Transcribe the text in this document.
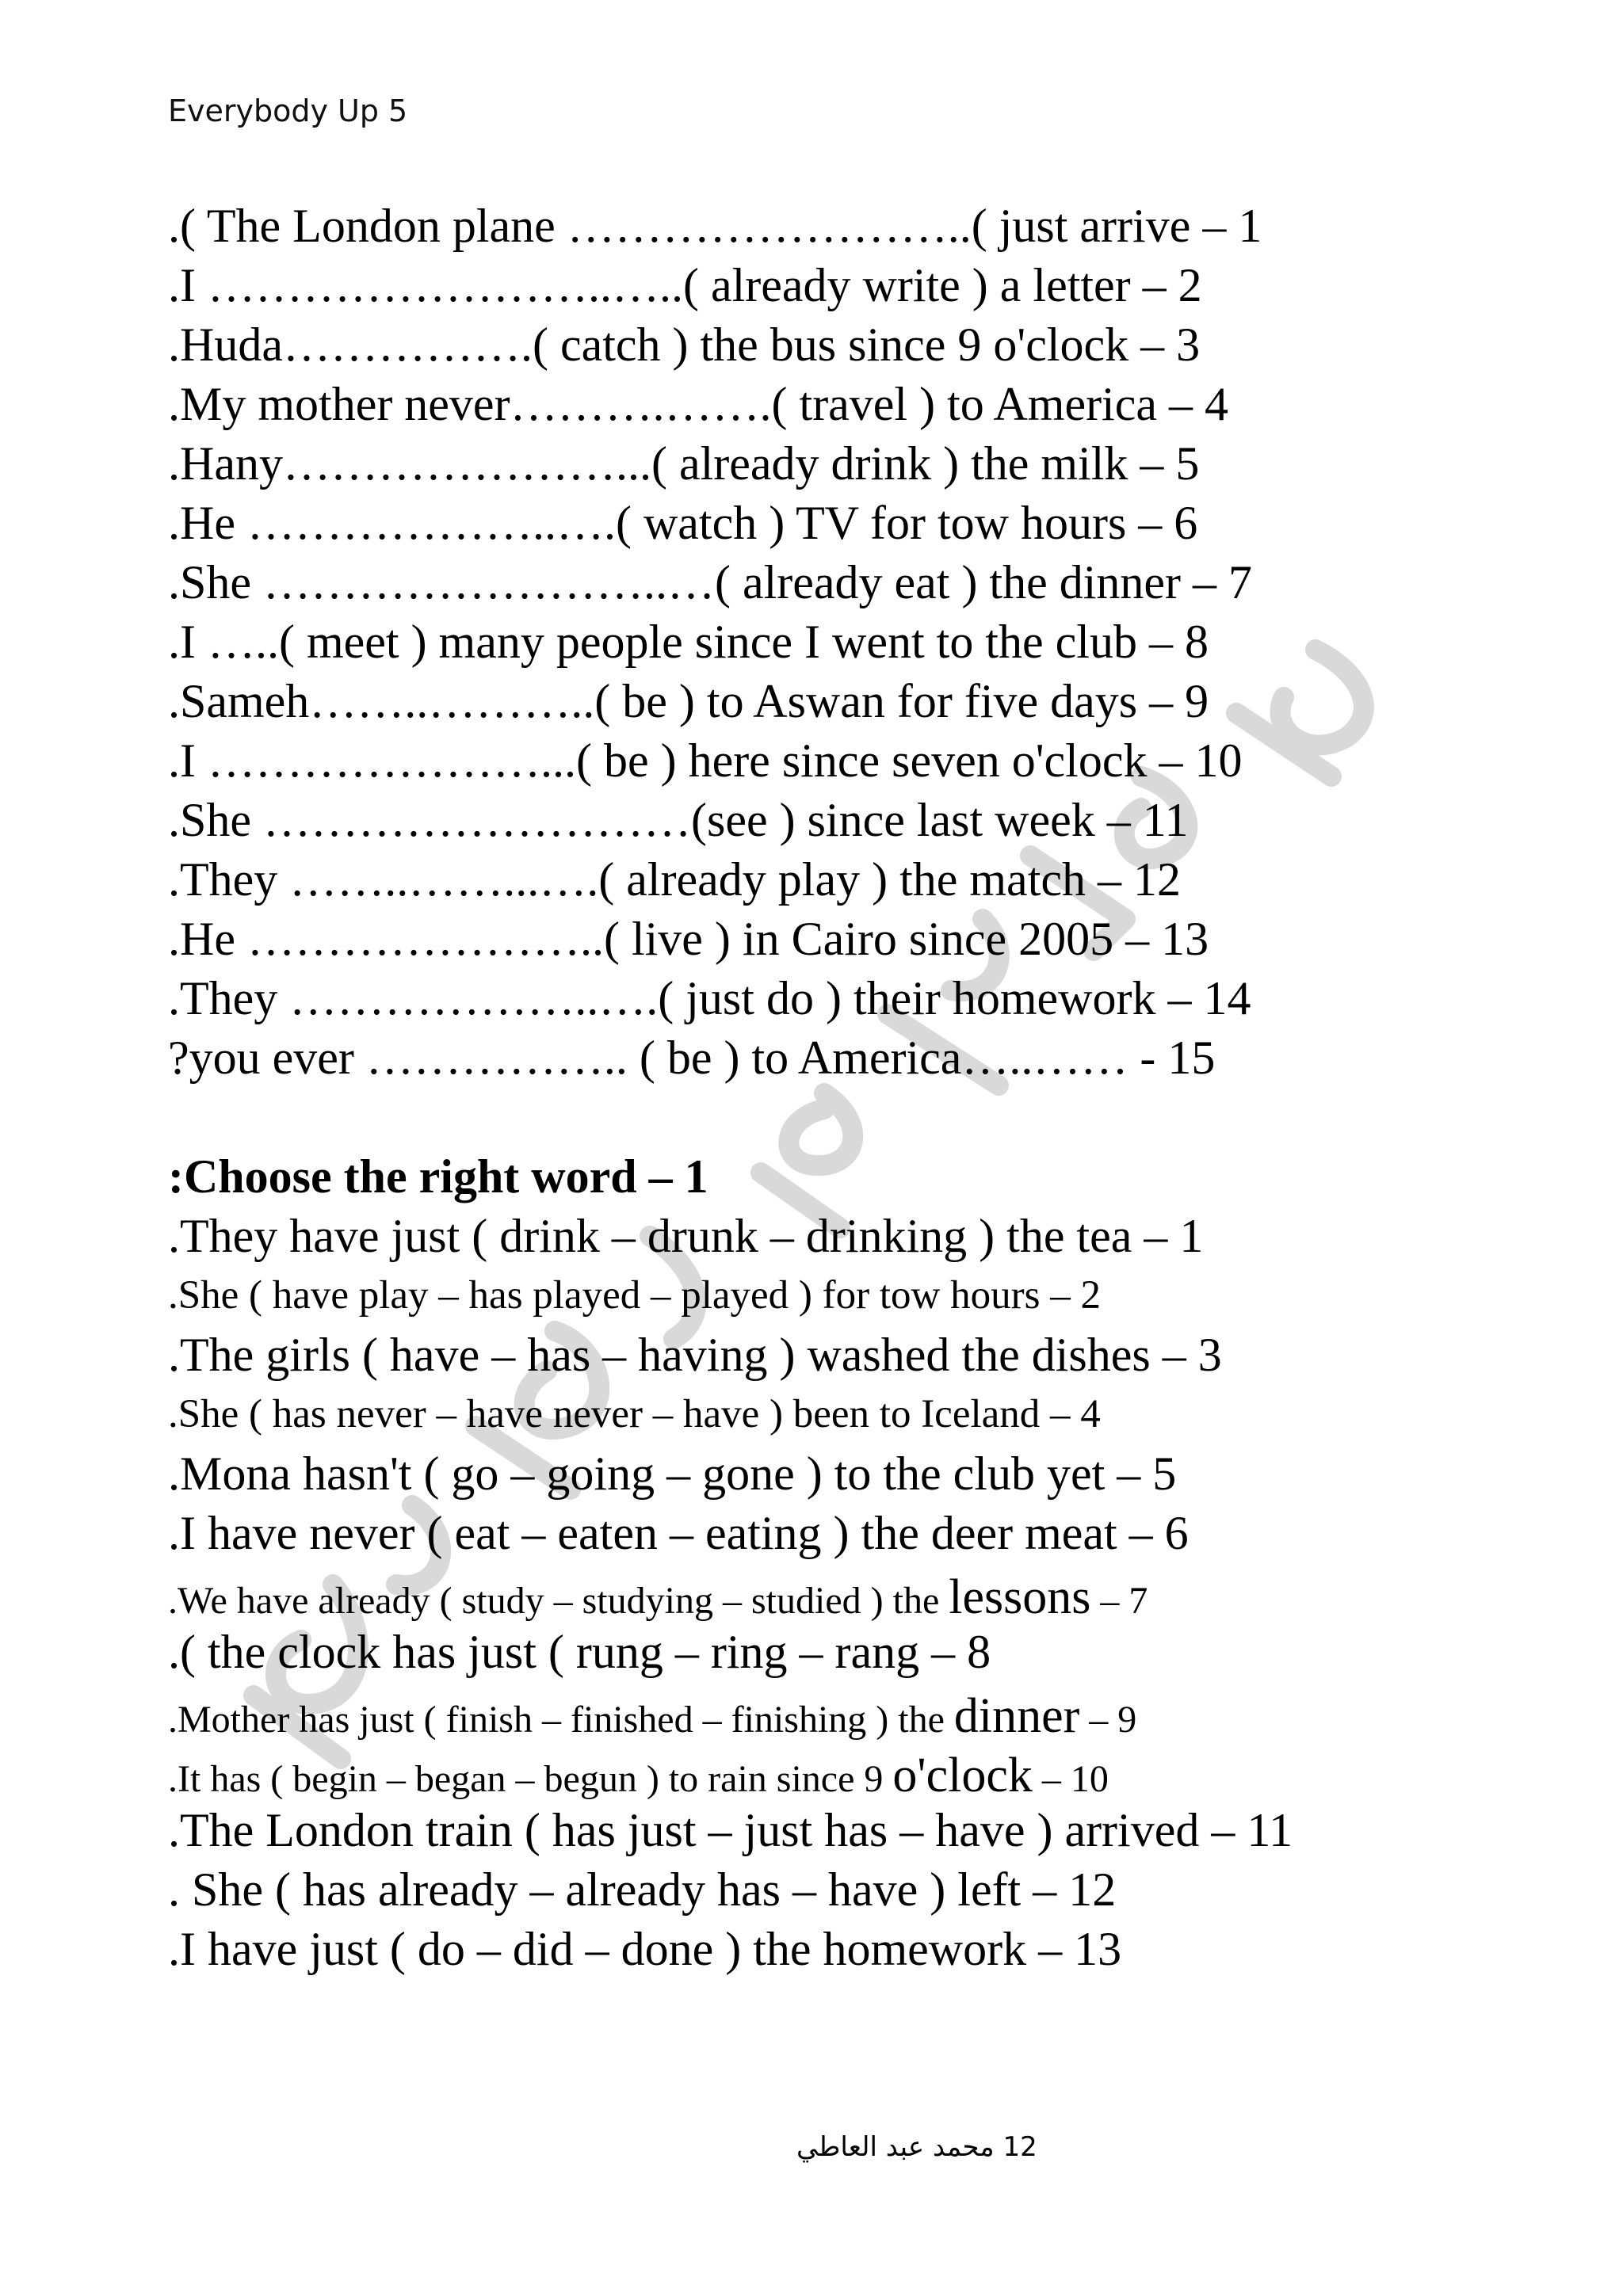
Everybody Up 5
.( The London plane ……………………..( just arrive – 1
.I ……………………..…..( already write ) a letter – 2
.Huda…………….( catch ) the bus since 9 o'clock – 3
.My mother never……….…….( travel ) to America – 4
.Hany…………………...( already drink ) the milk – 5
.He ………………..….( watch ) TV for tow hours – 6
.She ……………………..…( already eat ) the dinner – 7
.I …..( meet ) many people since I went to the club – 8
.Sameh……..………..( be ) to Aswan for five days – 9
.I …………………...( be ) here since seven o'clock – 10
.She ………………………(see ) since last week – 11
.They ……..……...….( already play ) the match – 12
.He …………………..( live ) in Cairo since 2005 – 13
.They ………………..….( just do ) their homework – 14
?you ever …………….. ( be ) to America…..…… - 15
:Choose the right word – 1
.They have just ( drink – drunk – drinking ) the tea – 1
.She ( have play – has played – played ) for tow hours – 2
.The girls ( have – has – having ) washed the dishes – 3
.She ( has never – have never – have ) been to Iceland – 4
.Mona hasn't ( go – going – gone ) to the club yet – 5
.I have never ( eat – eaten – eating ) the deer meat – 6
.We have already ( study – studying – studied ) the lessons – 7
.( the clock has just ( rung – ring – rang – 8
.Mother has just ( finish – finished – finishing ) the dinner – 9
.It has ( begin – began – begun ) to rain since 9 o'clock – 10
.The London train ( has just – just has – have ) arrived – 11
. She ( has already – already has – have ) left – 12
.I have just ( do – did – done ) the homework – 13
12 محمد عبد العاطي
